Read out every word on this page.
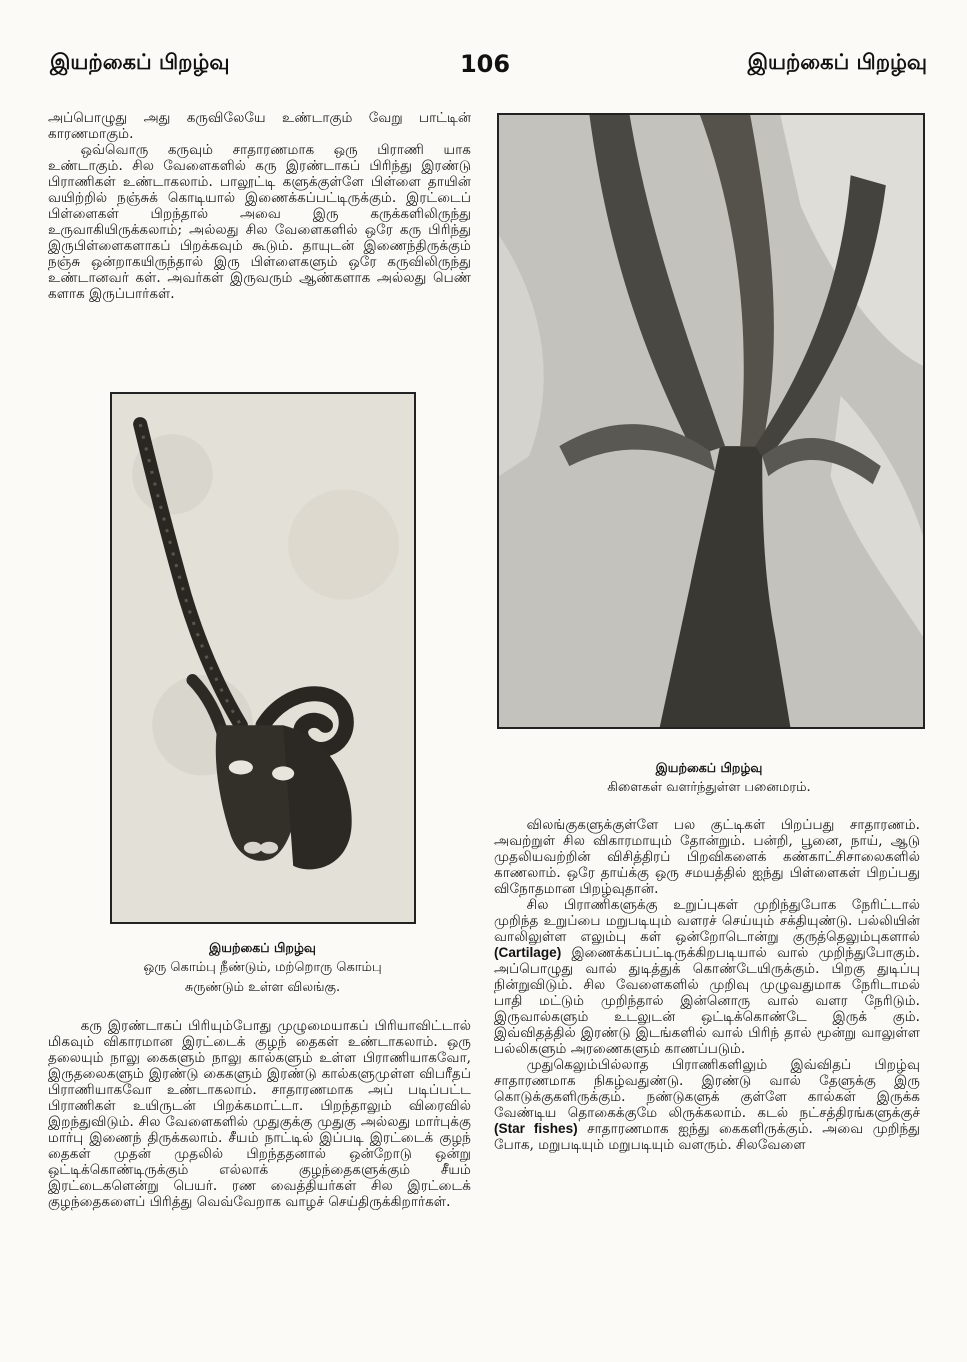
இயற்கைப் பிறழ்வு	106	இயற்கைப் பிறழ்வு

அப்பொழுது அது கருவிலேயே உண்டாகும் வேறு பாட்டின் காரணமாகும்.

ஒவ்வொரு கருவும் சாதாரணமாக ஒரு பிராணி யாக உண்டாகும். சில வேளைகளில் கரு இரண்டாகப் பிரிந்து இரண்டு பிராணிகள் உண்டாகலாம். பாலூட்டி களுக்குள்ளே பிள்ளை தாயின் வயிற்றில் நஞ்சுக் கொடியால் இணைக்கப்பட்டிருக்கும். இரட்டைப் பிள்ளைகள் பிறந்தால் அவை இரு கருக்களிலிருந்து உருவாகியிருக்கலாம்; அல்லது சில வேளைகளில் ஒரே கரு பிரிந்து இருபிள்ளைகளாகப் பிறக்கவும் கூடும். தாயுடன் இணைந்திருக்கும் நஞ்சு ஒன்றாகயிருந்தால் இரு பிள்ளைகளும் ஒரே கருவிலிருந்து உண்டானவர் கள். அவர்கள் இருவரும் ஆண்களாக அல்லது பெண் களாக இருப்பார்கள்.

இயற்கைப் பிறழ்வு
ஒரு கொம்பு நீண்டும், மற்றொரு கொம்பு
சுருண்டும் உள்ள விலங்கு.

கரு இரண்டாகப் பிரியும்போது முழுமையாகப் பிரியாவிட்டால் மிகவும் விகாரமான இரட்டைக் குழந் தைகள் உண்டாகலாம். ஒரு தலையும் நாலு கைகளும் நாலு கால்களும் உள்ள பிராணியாகவோ, இருதலைகளும் இரண்டு கைகளும் இரண்டு கால்களுமுள்ள விபரீதப் பிராணியாகவோ உண்டாகலாம். சாதாரணமாக அப் படிப்பட்ட பிராணிகள் உயிருடன் பிறக்கமாட்டா. பிறந்தாலும் விரைவில் இறந்துவிடும். சில வேளைகளில் முதுகுக்கு முதுகு அல்லது மார்புக்கு மார்பு இணைந் திருக்கலாம். சீயம் நாட்டில் இப்படி இரட்டைக் குழந் தைகள் முதன் முதலில் பிறந்ததனால் ஒன்றோடு ஒன்று ஒட்டிக்கொண்டிருக்கும் எல்லாக் குழந்தைகளுக்கும் சீயம் இரட்டைகளென்று பெயர். ரண வைத்தியர்கள் சில இரட்டைக் குழந்தைகளைப் பிரித்து வெவ்வேறாக வாழச் செய்திருக்கிறார்கள்.

இயற்கைப் பிறழ்வு
கிளைகள் வளர்ந்துள்ள பனைமரம்.

விலங்குகளுக்குள்ளே பல குட்டிகள் பிறப்பது சாதாரணம். அவற்றுள் சில விகாரமாயும் தோன்றும். பன்றி, பூனை, நாய், ஆடு முதலியவற்றின் விசித்திரப் பிறவிகளைக் கண்காட்சிசாலைகளில் காணலாம். ஒரே தாய்க்கு ஒரு சமயத்தில் ஐந்து பிள்ளைகள் பிறப்பது விநோதமான பிறழ்வுதான்.

சில பிராணிகளுக்கு உறுப்புகள் முறிந்துபோக நேரிட்டால் முறிந்த உறுப்பை மறுபடியும் வளரச் செய்யும் சக்தியுண்டு. பல்லியின் வாலிலுள்ள எலும்பு கள் ஒன்றோடொன்று குருத்தெலும்புகளால் (Cartilage) இணைக்கப்பட்டிருக்கிறபடியால் வால் முறிந்துபோகும். அப்பொழுது வால் துடித்துக் கொண்டேயிருக்கும். பிறகு துடிப்பு நின்றுவிடும். சில வேளைகளில் முறிவு முழுவதுமாக நேரிடாமல் பாதி மட்டும் முறிந்தால் இன்னொரு வால் வளர நேரிடும். இருவால்களும் உடலுடன் ஒட்டிக்கொண்டே இருக் கும். இவ்விதத்தில் இரண்டு இடங்களில் வால் பிரிந் தால் மூன்று வாலுள்ள பல்லிகளும் அரணைகளும் காணப்படும்.

முதுகெலும்பில்லாத பிராணிகளிலும் இவ்விதப் பிறழ்வு சாதாரணமாக நிகழ்வதுண்டு. இரண்டு வால் தேளுக்கு இரு கொடுக்குகளிருக்கும். நண்டுகளுக் குள்ளே கால்கள் இருக்க வேண்டிய தொகைக்குமே லிருக்கலாம். கடல் நட்சத்திரங்களுக்குச் (Star fishes) சாதாரணமாக ஐந்து கைகளிருக்கும். அவை முறிந்து போக, மறுபடியும் மறுபடியும் வளரும். சிலவேளை
